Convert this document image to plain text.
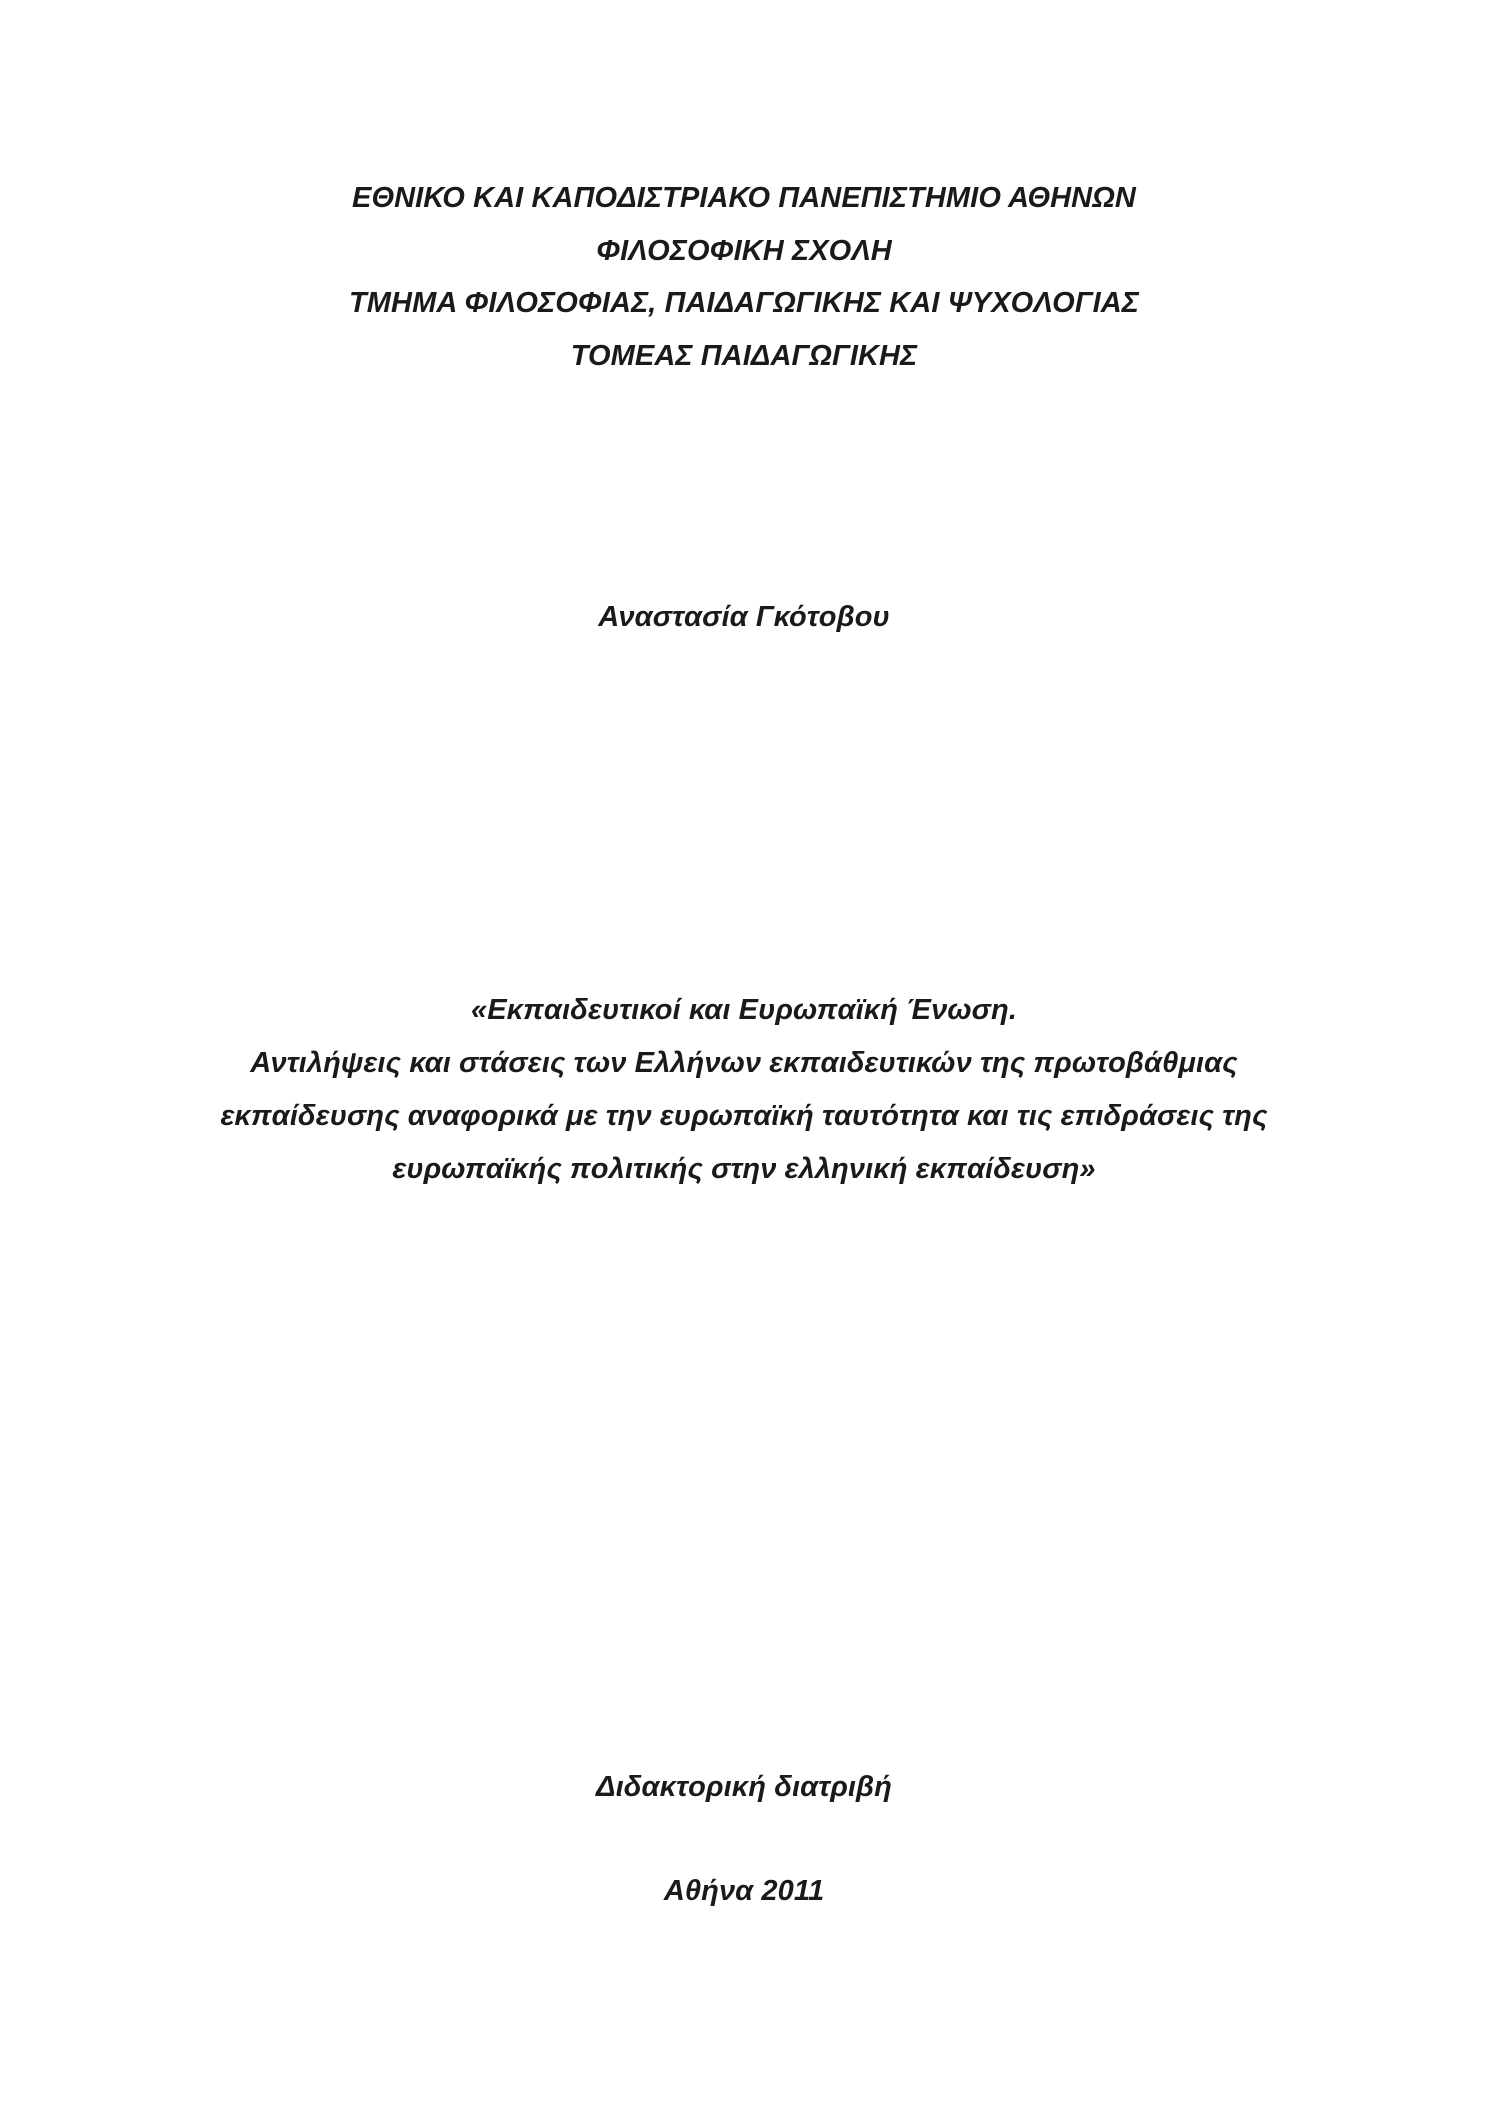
ΕΘΝΙΚΟ ΚΑΙ ΚΑΠΟΔΙΣΤΡΙΑΚΟ ΠΑΝΕΠΙΣΤΗΜΙΟ ΑΘΗΝΩΝ
ΦΙΛΟΣΟΦΙΚΗ ΣΧΟΛΗ
ΤΜΗΜΑ ΦΙΛΟΣΟΦΙΑΣ, ΠΑΙΔΑΓΩΓΙΚΗΣ ΚΑΙ ΨΥΧΟΛΟΓΙΑΣ
ΤΟΜΕΑΣ ΠΑΙΔΑΓΩΓΙΚΗΣ
Αναστασία Γκότοβου
«Εκπαιδευτικοί και Ευρωπαϊκή Ένωση.
Αντιλήψεις και στάσεις των Ελλήνων εκπαιδευτικών της πρωτοβάθμιας
εκπαίδευσης αναφορικά με την ευρωπαϊκή ταυτότητα και τις επιδράσεις της
ευρωπαϊκής πολιτικής στην ελληνική εκπαίδευση»
Διδακτορική διατριβή
Αθήνα 2011
